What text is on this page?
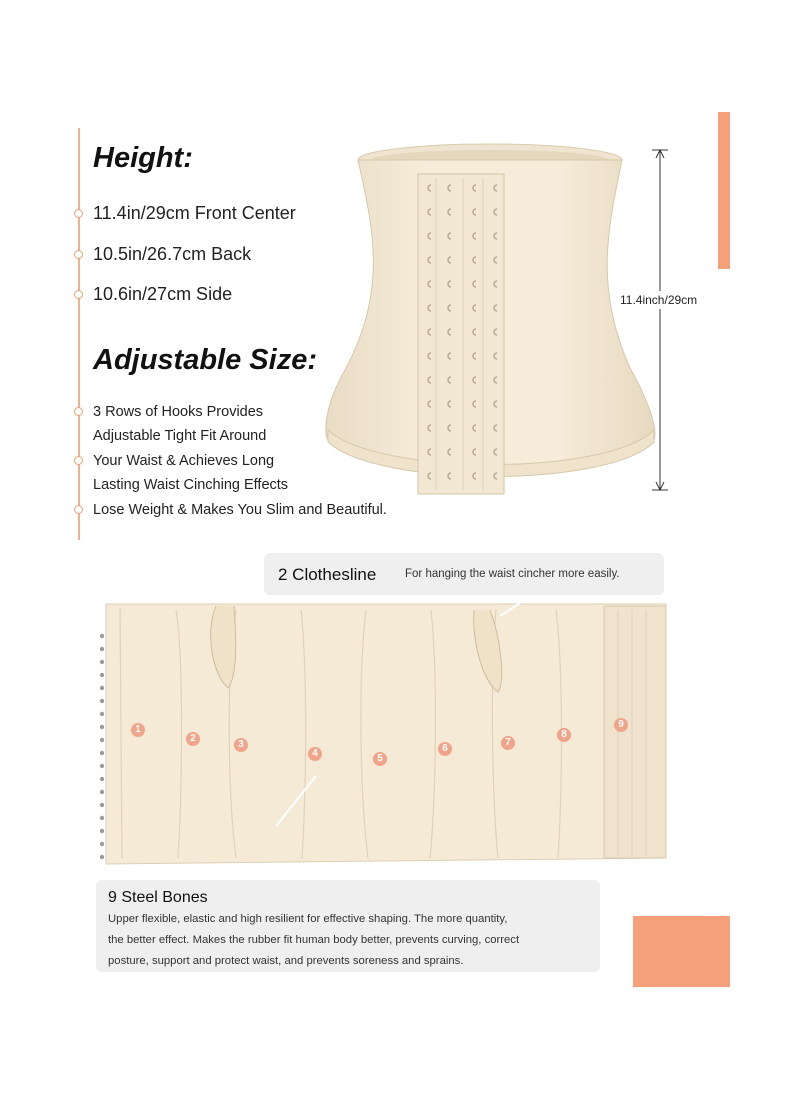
Height:
11.4in/29cm Front Center
10.5in/26.7cm Back
10.6in/27cm Side
Adjustable Size:
3 Rows of Hooks Provides
Adjustable Tight Fit Around
Your Waist & Achieves Long
Lasting Waist Cinching Effects
Lose Weight & Makes You Slim and Beautiful.
11.4inch/29cm
2 Clothesline For hanging the waist cincher more easily.
1
2
3
4	5
6
7
8
9
9 Steel Bones
Upper flexible, elastic and high resilient for effective shaping. The more quantity,
the better effect. Makes the rubber fit human body better, prevents curving, correct
posture, support and protect waist, and prevents soreness and sprains.
